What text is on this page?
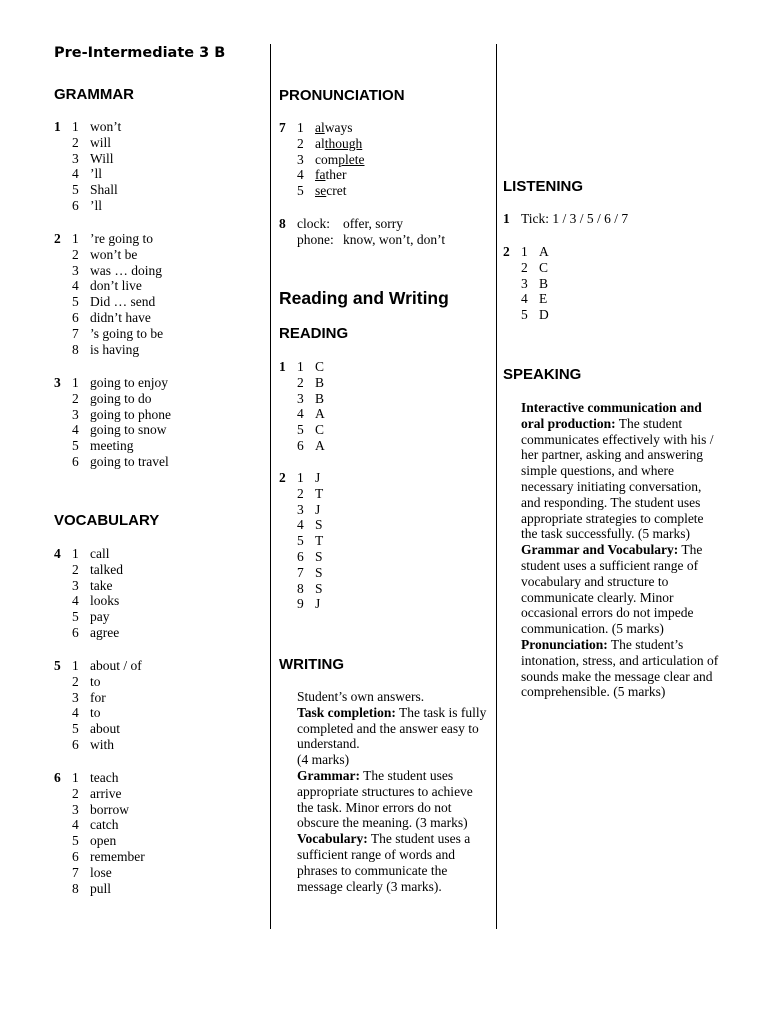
Pre-Intermediate 3 B
GRAMMAR
1 1 won’t
2 will
3 Will
4 ’ll
5 Shall
6 ’ll
2 1 ’re going to
2 won’t be
3 was … doing
4 don’t live
5 Did … send
6 didn’t have
7 ’s going to be
8 is having
3 1 going to enjoy
2 going to do
3 going to phone
4 going to snow
5 meeting
6 going to travel
VOCABULARY
4 1 call
2 talked
3 take
4 looks
5 pay
6 agree
5 1 about / of
2 to
3 for
4 to
5 about
6 with
6 1 teach
2 arrive
3 borrow
4 catch
5 open
6 remember
7 lose
8 pull
PRONUNCIATION
7 1 always
2 although
3 complete
4 father
5 secret
8 clock: offer, sorry
phone: know, won’t, don’t
Reading and Writing
READING
1 1 C
2 B
3 B
4 A
5 C
6 A
2 1 J
2 T
3 J
4 S
5 T
6 S
7 S
8 S
9 J
WRITING

Student’s own answers.

Task completion: The task is fully completed and the answer easy to understand.

(4 marks)

Grammar: The student uses appropriate structures to achieve the task. Minor errors do not obscure the meaning. (3 marks)

Vocabulary: The student uses a sufficient range of words and phrases to communicate the message clearly (3 marks).

LISTENING
1 Tick: 1 / 3 / 5 / 6 / 7
2 1 A
2 C
3 B
4 E
5 D
SPEAKING

Interactive communication and oral production: The student communicates effectively with his / her partner, asking and answering simple questions, and where necessary initiating conversation, and responding. The student uses appropriate strategies to complete the task successfully. (5 marks)

Grammar and Vocabulary: The student uses a sufficient range of vocabulary and structure to communicate clearly. Minor occasional errors do not impede communication. (5 marks)

Pronunciation: The student’s intonation, stress, and articulation of sounds make the message clear and comprehensible. (5 marks)
